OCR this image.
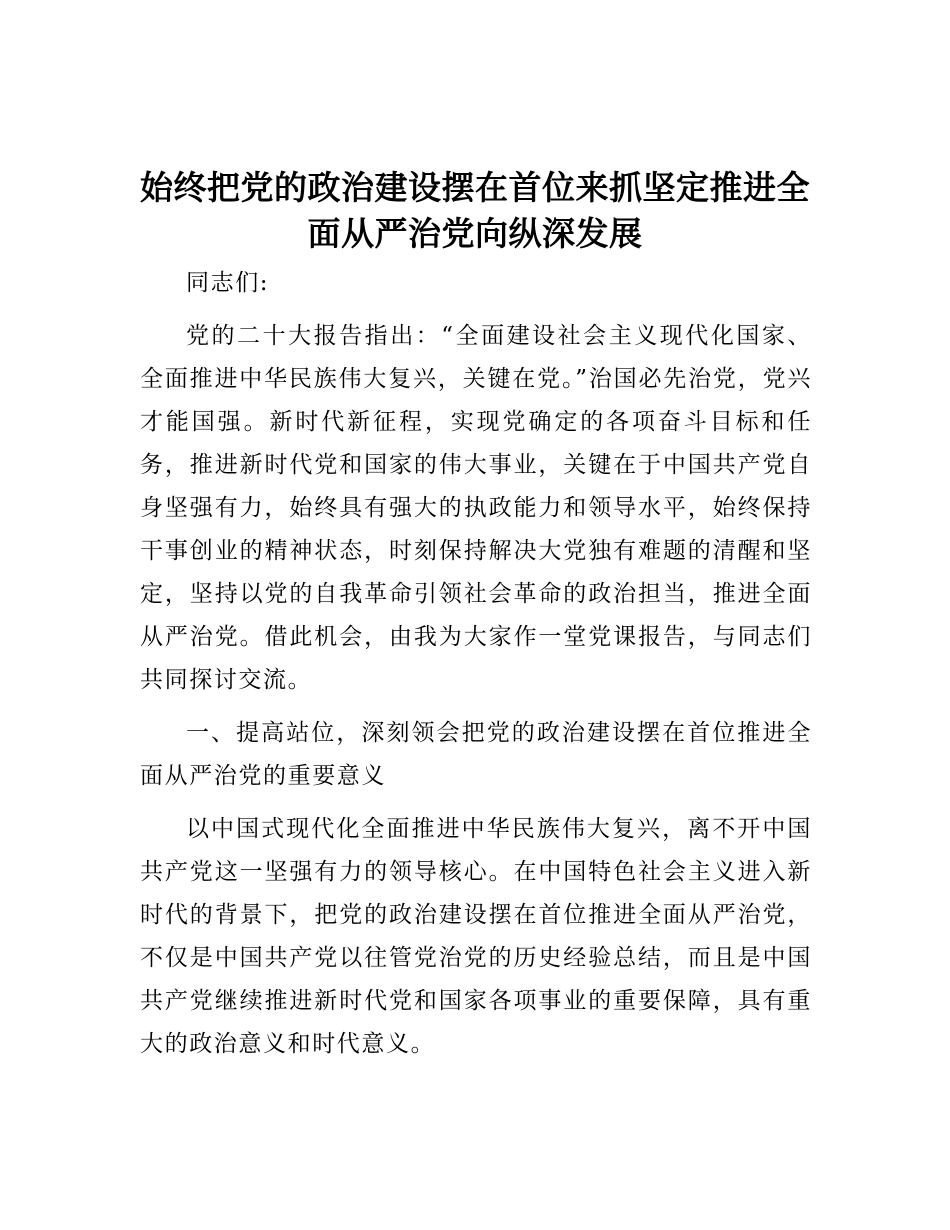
始终把党的政治建设摆在首位来抓坚定推进全
面从严治党向纵深发展

同志们:

党的二十大报告指出：“全面建设社会主义现代化国家、全面推进中华民族伟大复兴，关键在党。”治国必先治党，党兴才能国强。新时代新征程，实现党确定的各项奋斗目标和任务，推进新时代党和国家的伟大事业，关键在于中国共产党自身坚强有力，始终具有强大的执政能力和领导水平，始终保持干事创业的精神状态，时刻保持解决大党独有难题的清醒和坚定，坚持以党的自我革命引领社会革命的政治担当，推进全面从严治党。借此机会，由我为大家作一堂党课报告，与同志们共同探讨交流。

一、提高站位，深刻领会把党的政治建设摆在首位推进全面从严治党的重要意义

以中国式现代化全面推进中华民族伟大复兴，离不开中国共产党这一坚强有力的领导核心。在中国特色社会主义进入新时代的背景下，把党的政治建设摆在首位推进全面从严治党，不仅是中国共产党以往管党治党的历史经验总结，而且是中国共产党继续推进新时代党和国家各项事业的重要保障，具有重大的政治意义和时代意义。
